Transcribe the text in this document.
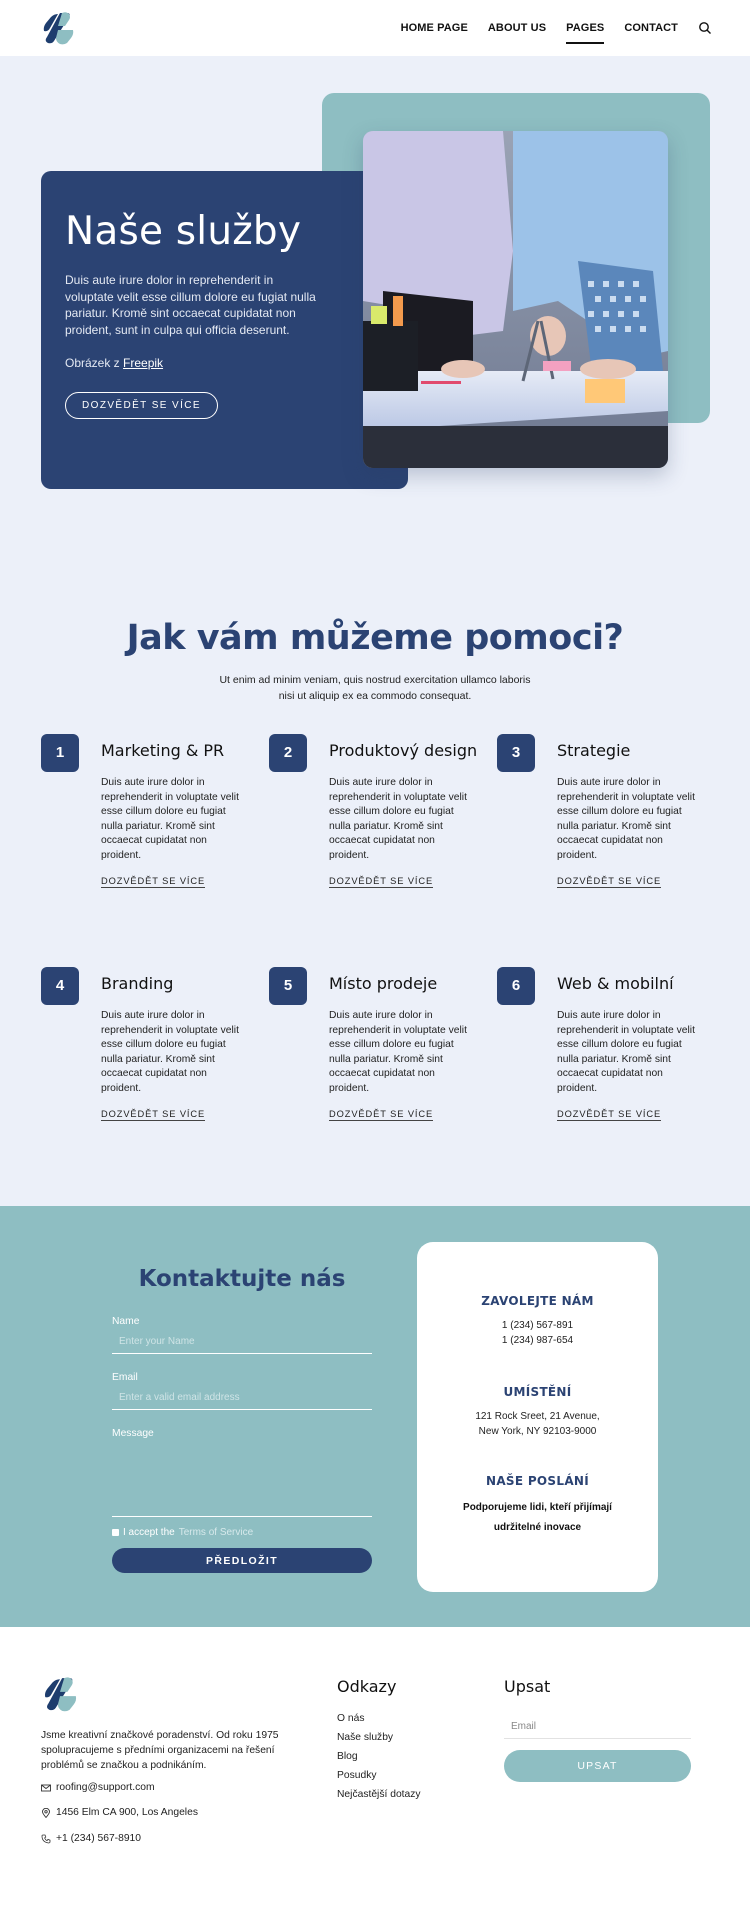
HOME PAGE ABOUT US PAGES CONTACT
Naše služby

Duis aute irure dolor in reprehenderit in voluptate velit esse cillum dolore eu fugiat nulla pariatur. Kromě sint occaecat cupidatat non proident, sunt in culpa qui officia deserunt.

Obrázek z Freepik

DOZVĚDĚT SE VÍCE
Jak vám můžeme pomoci?

Ut enim ad minim veniam, quis nostrud exercitation ullamco laboris
nisi ut aliquip ex ea commodo consequat.

1	Marketing & PR

Duis aute irure dolor in reprehenderit in voluptate velit esse cillum dolore eu fugiat nulla pariatur. Kromě sint occaecat cupidatat non proident.

DOZVĚDĚT SE VÍCE
2	Produktový design

Duis aute irure dolor in reprehenderit in voluptate velit esse cillum dolore eu fugiat nulla pariatur. Kromě sint occaecat cupidatat non proident.

DOZVĚDĚT SE VÍCE
3	Strategie

Duis aute irure dolor in reprehenderit in voluptate velit esse cillum dolore eu fugiat nulla pariatur. Kromě sint occaecat cupidatat non proident.

DOZVĚDĚT SE VÍCE
4	Branding

Duis aute irure dolor in reprehenderit in voluptate velit esse cillum dolore eu fugiat nulla pariatur. Kromě sint occaecat cupidatat non proident.

DOZVĚDĚT SE VÍCE
5	Místo prodeje

Duis aute irure dolor in reprehenderit in voluptate velit esse cillum dolore eu fugiat nulla pariatur. Kromě sint occaecat cupidatat non proident.

DOZVĚDĚT SE VÍCE
6	Web & mobilní

Duis aute irure dolor in reprehenderit in voluptate velit esse cillum dolore eu fugiat nulla pariatur. Kromě sint occaecat cupidatat non proident.

DOZVĚDĚT SE VÍCE
Kontaktujte nás
Name
Enter your Name Email
Enter a valid email address Message
I accept the Terms of Service
PŘEDLOŽIT
ZAVOLEJTE NÁM
1 (234) 567-891
1 (234) 987-654
UMÍSTĚNÍ
121 Rock Sreet, 21 Avenue,
New York, NY 92103-9000
NAŠE POSLÁNÍ
Podporujeme lidi, kteří přijímají
udržitelné inovace

Jsme kreativní značkové poradenství. Od roku 1975 spolupracujeme s předními organizacemi na řešení problémů se značkou a podnikáním.

roofing@support.com
1456 Elm CA 900, Los Angeles
+1 (234) 567-8910
Odkazy
O nás
Naše služby
Blog
Posudky
Nejčastější dotazy
Upsat
Email
UPSAT
